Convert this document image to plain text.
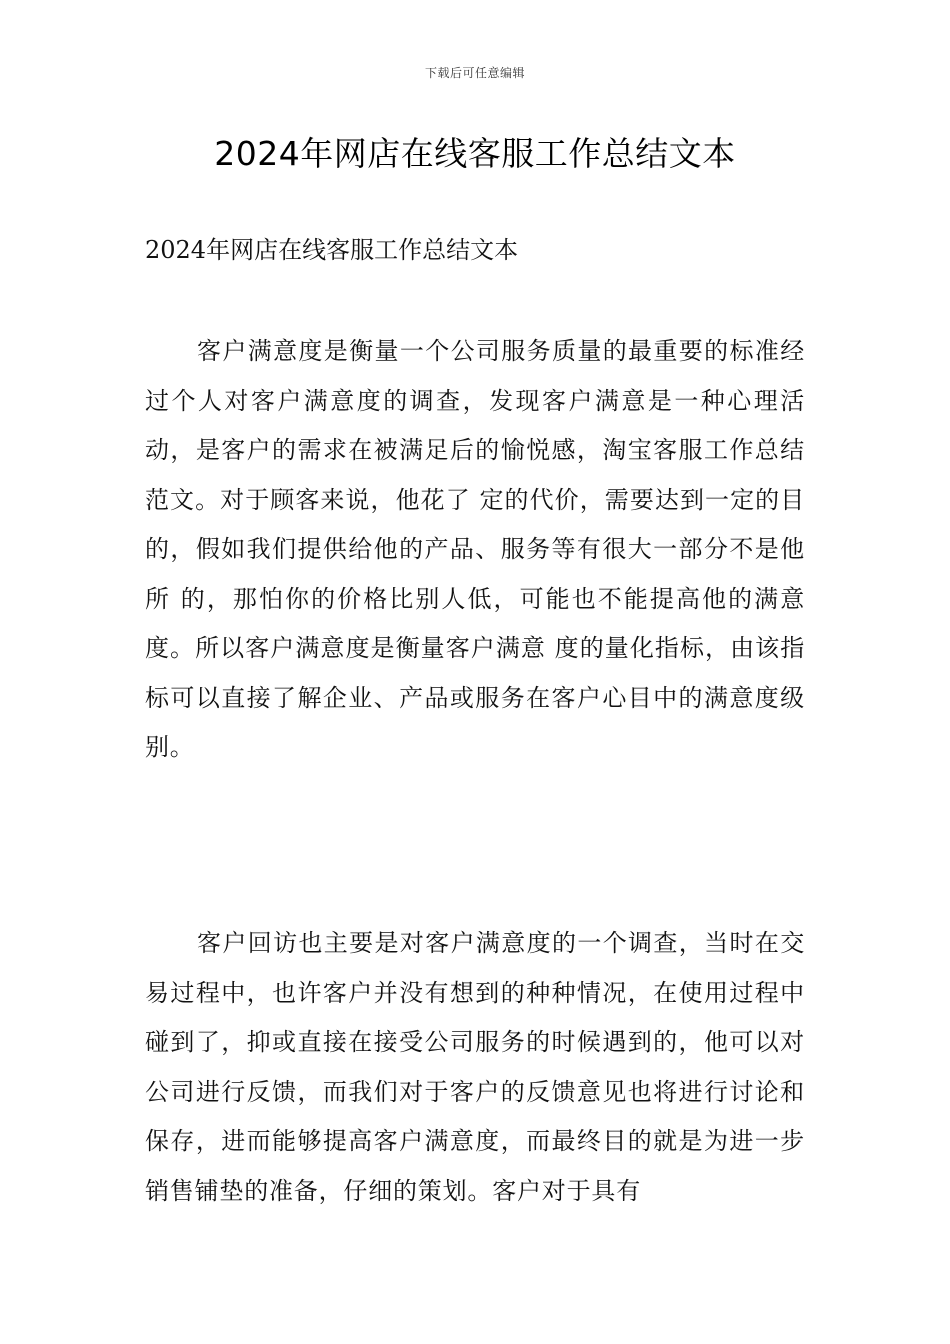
下载后可任意编辑
2024年网店在线客服工作总结文本

2024年网店在线客服工作总结文本

客户满意度是衡量一个公司服务质量的最重要的标准经过个人对客户满意度的调查，发现客户满意是一种心理活动，是客户的需求在被满足后的愉悦感，淘宝客服工作总结范文。对于顾客来说，他花了 定的代价，需要达到一定的目的，假如我们提供给他的产品、服务等有很大一部分不是他所 的，那怕你的价格比别人低，可能也不能提高他的满意度。所以客户满意度是衡量客户满意 度的量化指标，由该指标可以直接了解企业、产品或服务在客户心目中的满意度级别。

客户回访也主要是对客户满意度的一个调查，当时在交易过程中，也许客户并没有想到的种种情况，在使用过程中碰到了，抑或直接在接受公司服务的时候遇到的，他可以对公司进行反馈，而我们对于客户的反馈意见也将进行讨论和保存，进而能够提高客户满意度，而最终目的就是为进一步销售铺垫的准备，仔细的策划。客户对于具有
